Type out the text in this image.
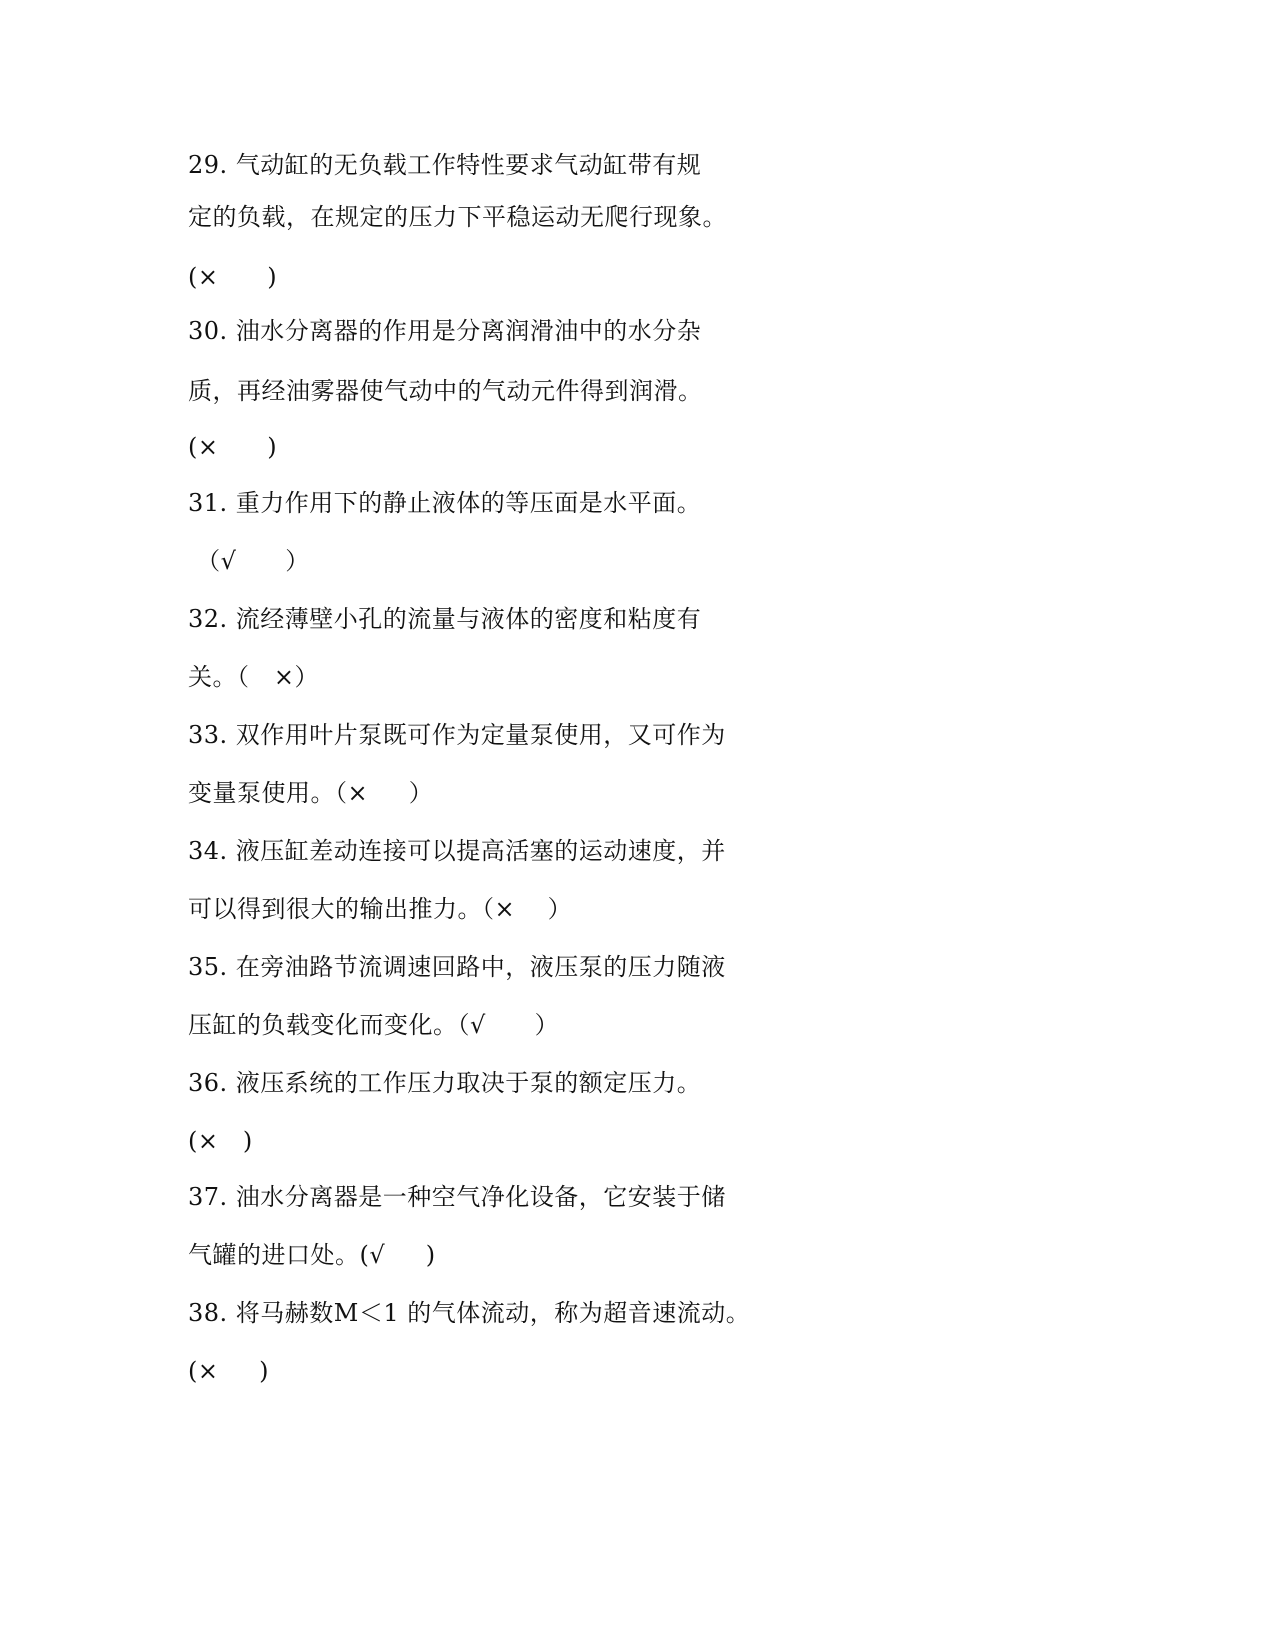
29. 气动缸的无负载工作特性要求气动缸带有规
定的负载，在规定的压力下平稳运动无爬行现象。
(×      )
30. 油水分离器的作用是分离润滑油中的水分杂
质，再经油雾器使气动中的气动元件得到润滑。
(×      )
31. 重力作用下的静止液体的等压面是水平面。
（√      ）
32. 流经薄壁小孔的流量与液体的密度和粘度有
关。（   ×）
33. 双作用叶片泵既可作为定量泵使用，又可作为
变量泵使用。（×     ）
34. 液压缸差动连接可以提高活塞的运动速度，并
可以得到很大的输出推力。（×    ）
35. 在旁油路节流调速回路中，液压泵的压力随液
压缸的负载变化而变化。（√      ）
36. 液压系统的工作压力取决于泵的额定压力。
(×   )
37. 油水分离器是一种空气净化设备，它安装于储
气罐的进口处。(√     )
38. 将马赫数M＜1 的气体流动，称为超音速流动。
(×     )
